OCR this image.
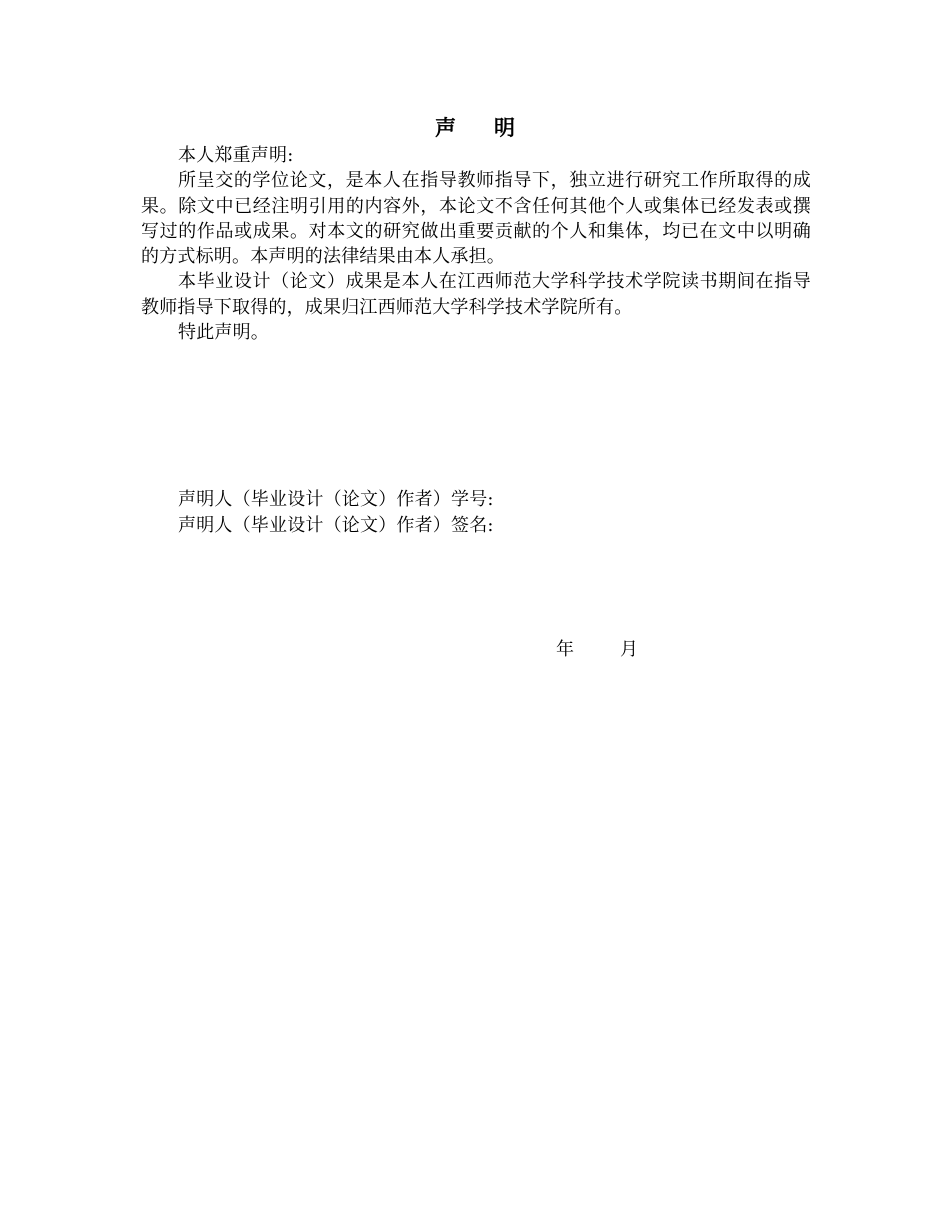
声明

本人郑重声明:

所呈交的学位论文，是本人在指导教师指导下，独立进行研究工作所取得的成果。除文中已经注明引用的内容外，本论文不含任何其他个人或集体已经发表或撰写过的作品或成果。对本文的研究做出重要贡献的个人和集体，均已在文中以明确的方式标明。本声明的法律结果由本人承担。

本毕业设计（论文）成果是本人在江西师范大学科学技术学院读书期间在指导教师指导下取得的，成果归江西师范大学科学技术学院所有。

特此声明。

声明人（毕业设计（论文）作者）学号:
声明人（毕业设计（论文）作者）签名:
年	月
